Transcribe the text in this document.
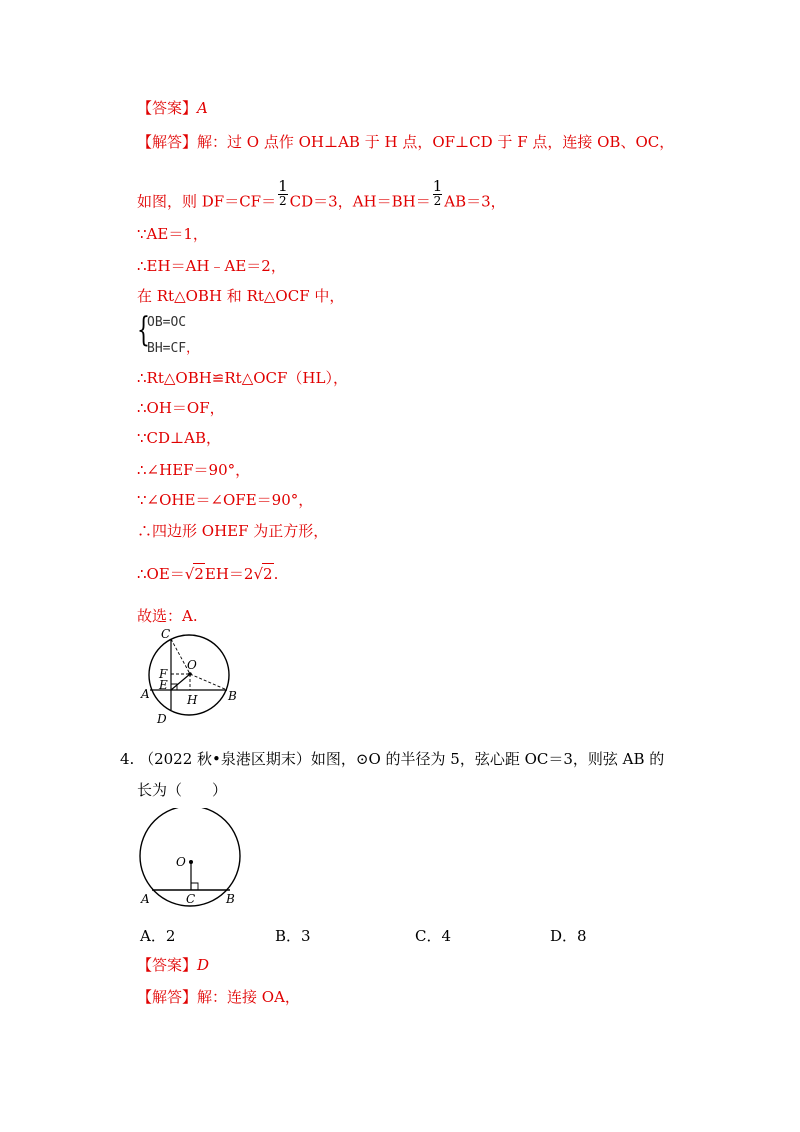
【答案】A
【解答】解：过 O 点作 OH⊥AB 于 H 点，OF⊥CD 于 F 点，连接 OB、OC，
如图，则 $DF=CF= \frac{1}{2} CD=3$，$AH=BH= \frac{1}{2} AB=3$，
∵AE＝1，
∴EH＝AH﹣AE＝2，
在 Rt△OBH 和 Rt△OCF 中，
{
OB=OC
BH=CF，
∴Rt△OBH≌Rt△OCF（HL），
∴OH＝OF，
∵CD⊥AB，
∴∠HEF＝90°，
∵∠OHE＝∠OFE＝90°，
∴四边形 OHEF 为正方形，
∴OE＝√2EH＝2√2.
故选：A.
C
O
F
E
A	H	B
D
4. （2022 秋•泉港区期末）如图，⊙O 的半径为 5，弦心距 OC＝3，则弦 AB 的
长为（　　）
O
A	C	B
A．2	B．3	C．4	D．8
【答案】D
【解答】解：连接 OA，
